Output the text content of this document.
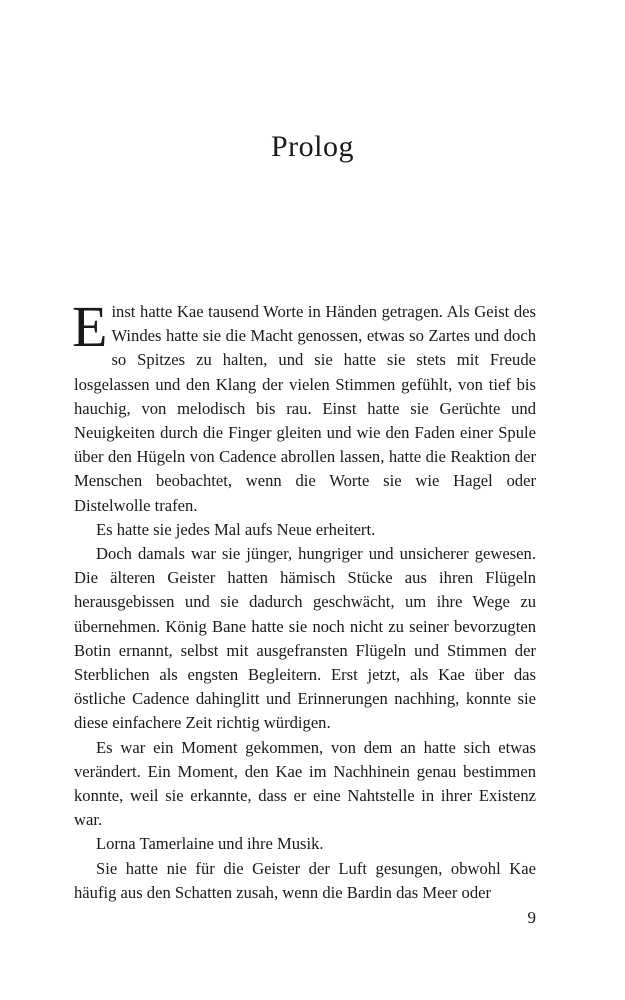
Prolog

Einst hatte Kae tausend Worte in Händen getragen. Als Geist des Windes hatte sie die Macht genossen, etwas so Zartes und doch so Spitzes zu halten, und sie hatte sie stets mit Freude losgelassen und den Klang der vielen Stimmen gefühlt, von tief bis hauchig, von melodisch bis rau. Einst hatte sie Gerüchte und Neuigkeiten durch die Finger gleiten und wie den Faden einer Spule über den Hügeln von Cadence abrollen lassen, hatte die Reaktion der Menschen beobachtet, wenn die Worte sie wie Hagel oder Distelwolle trafen.

Es hatte sie jedes Mal aufs Neue erheitert.

Doch damals war sie jünger, hungriger und unsicherer gewesen. Die älteren Geister hatten hämisch Stücke aus ihren Flügeln herausgebissen und sie dadurch geschwächt, um ihre Wege zu übernehmen. König Bane hatte sie noch nicht zu seiner bevorzugten Botin ernannt, selbst mit ausgefransten Flügeln und Stimmen der Sterblichen als engsten Begleitern. Erst jetzt, als Kae über das östliche Cadence dahinglitt und Erinnerungen nachhing, konnte sie diese einfachere Zeit richtig würdigen.

Es war ein Moment gekommen, von dem an hatte sich etwas verändert. Ein Moment, den Kae im Nachhinein genau bestimmen konnte, weil sie erkannte, dass er eine Nahtstelle in ihrer Existenz war.

Lorna Tamerlaine und ihre Musik.

Sie hatte nie für die Geister der Luft gesungen, obwohl Kae häufig aus den Schatten zusah, wenn die Bardin das Meer oder

9
